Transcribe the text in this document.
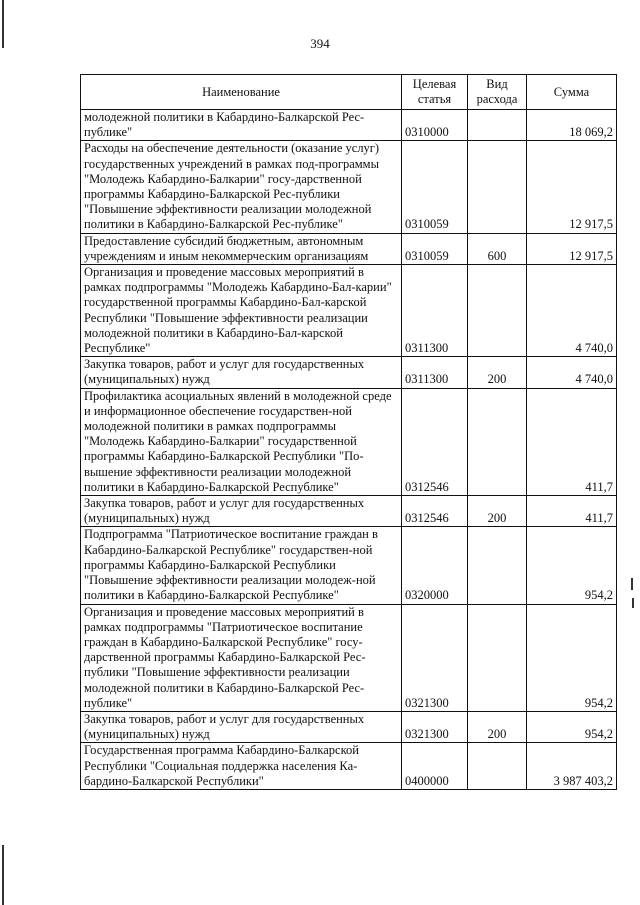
394
Наименование	Целевая статья	Вид расхода	Сумма
молодежной политики в Кабардино-Балкарской Рес-публике"	0310000		18 069,2
Расходы на обеспечение деятельности (оказание услуг) государственных учреждений в рамках под-программы "Молодежь Кабардино-Балкарии" госу-дарственной программы Кабардино-Балкарской Рес-публики "Повышение эффективности реализации молодежной политики в Кабардино-Балкарской Рес-публике"	0310059		12 917,5
Предоставление субсидий бюджетным, автономным учреждениям и иным некоммерческим организациям	0310059	600	12 917,5
Организация и проведение массовых мероприятий в рамках подпрограммы "Молодежь Кабардино-Бал-карии" государственной программы Кабардино-Бал-карской Республики "Повышение эффективности реализации молодежной политики в Кабардино-Бал-карской Республике"	0311300		4 740,0
Закупка товаров, работ и услуг для государственных (муниципальных) нужд	0311300	200	4 740,0
Профилактика асоциальных явлений в молодежной среде и информационное обеспечение государствен-ной молодежной политики в рамках подпрограммы "Молодежь Кабардино-Балкарии" государственной программы Кабардино-Балкарской Республики "По-вышение эффективности реализации молодежной политики в Кабардино-Балкарской Республике"	0312546		411,7
Закупка товаров, работ и услуг для государственных (муниципальных) нужд	0312546	200	411,7
Подпрограмма "Патриотическое воспитание граждан в Кабардино-Балкарской Республике" государствен-ной программы Кабардино-Балкарской Республики "Повышение эффективности реализации молодеж-ной политики в Кабардино-Балкарской Республике"	0320000		954,2
Организация и проведение массовых мероприятий в рамках подпрограммы "Патриотическое воспитание граждан в Кабардино-Балкарской Республике" госу-дарственной программы Кабардино-Балкарской Рес-публики "Повышение эффективности реализации молодежной политики в Кабардино-Балкарской Рес-публике"	0321300		954,2
Закупка товаров, работ и услуг для государственных (муниципальных) нужд	0321300	200	954,2
Государственная программа Кабардино-Балкарской Республики "Социальная поддержка населения Ка-бардино-Балкарской Республики"	0400000		3 987 403,2
